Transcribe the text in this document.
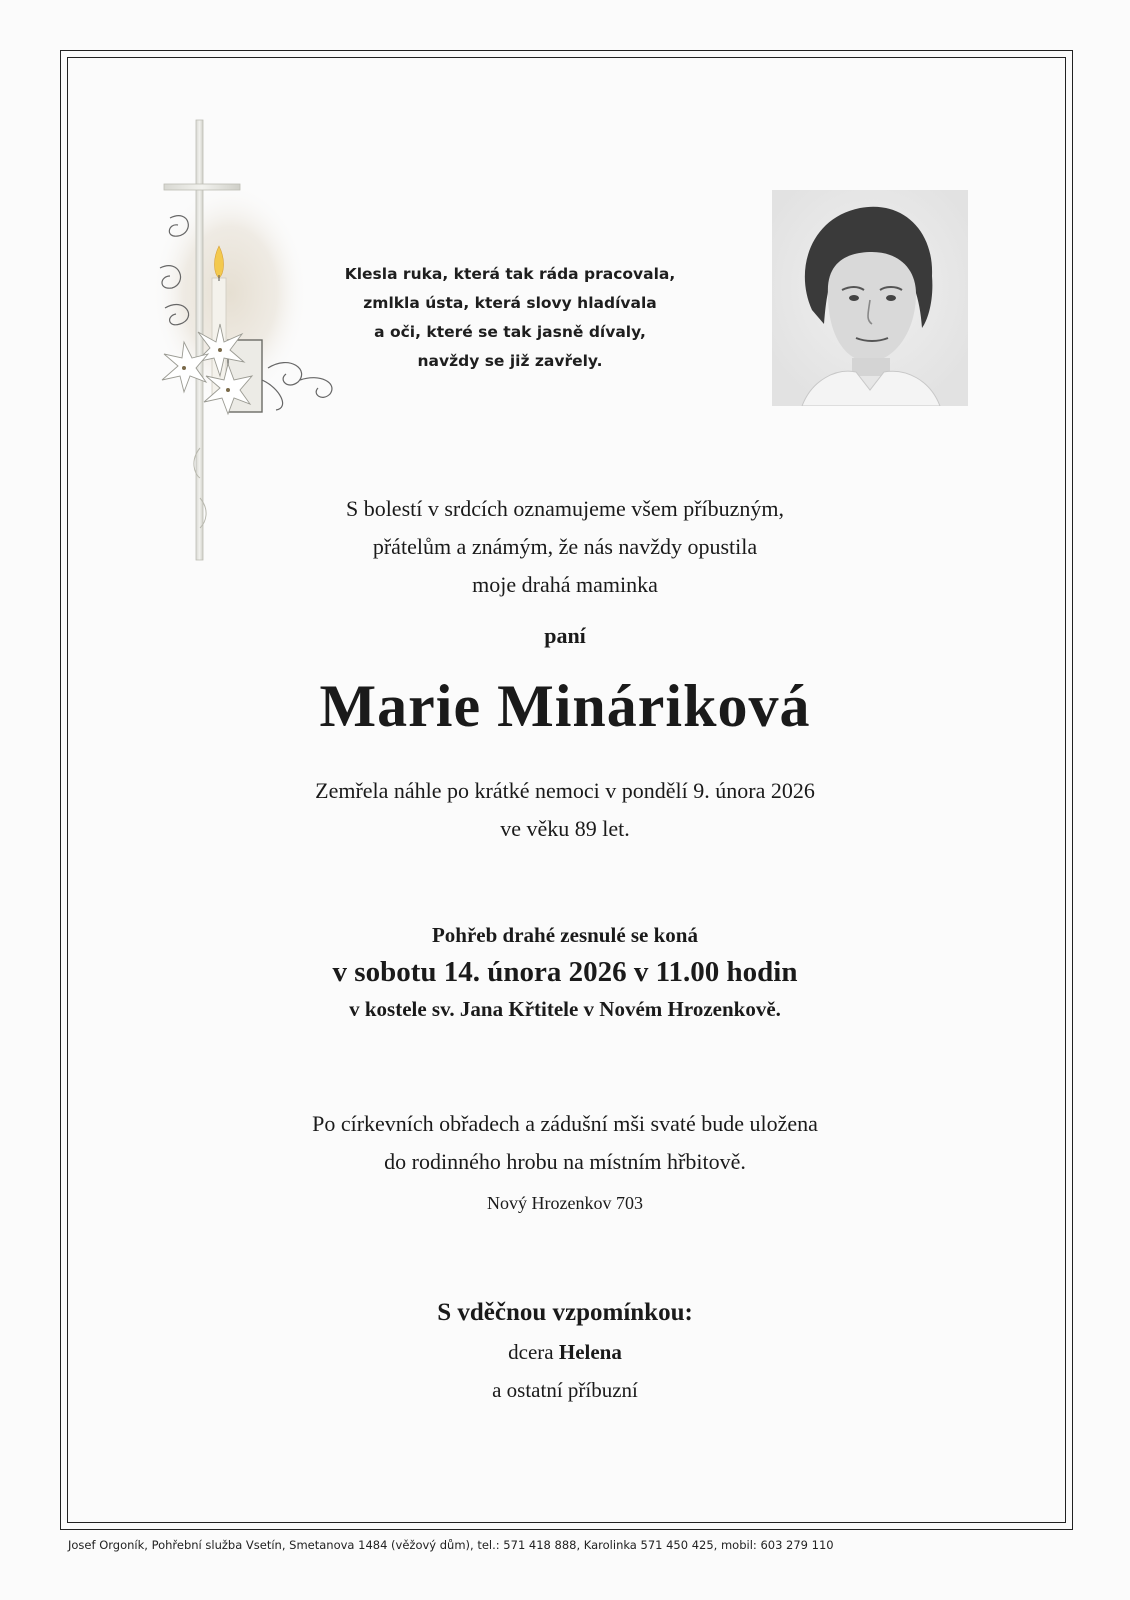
Klesla ruka, která tak ráda pracovala,
zmlkla ústa, která slovy hladívala
a oči, které se tak jasně dívaly,
navždy se již zavřely.
S bolestí v srdcích oznamujeme všem příbuzným,
přátelům a známým, že nás navždy opustila
moje drahá maminka
paní
Marie Mináriková
Zemřela náhle po krátké nemoci v pondělí 9. února 2026
ve věku 89 let.
Pohřeb drahé zesnulé se koná
v sobotu 14. února 2026 v 11.00 hodin
v kostele sv. Jana Křtitele v Novém Hrozenkově.
Po církevních obřadech a zádušní mši svaté bude uložena
do rodinného hrobu na místním hřbitově.
Nový Hrozenkov 703
S vděčnou vzpomínkou:
dcera Helena
a ostatní příbuzní
Josef Orgoník, Pohřební služba Vsetín, Smetanova 1484 (věžový dům), tel.: 571 418 888, Karolinka 571 450 425, mobil: 603 279 110
